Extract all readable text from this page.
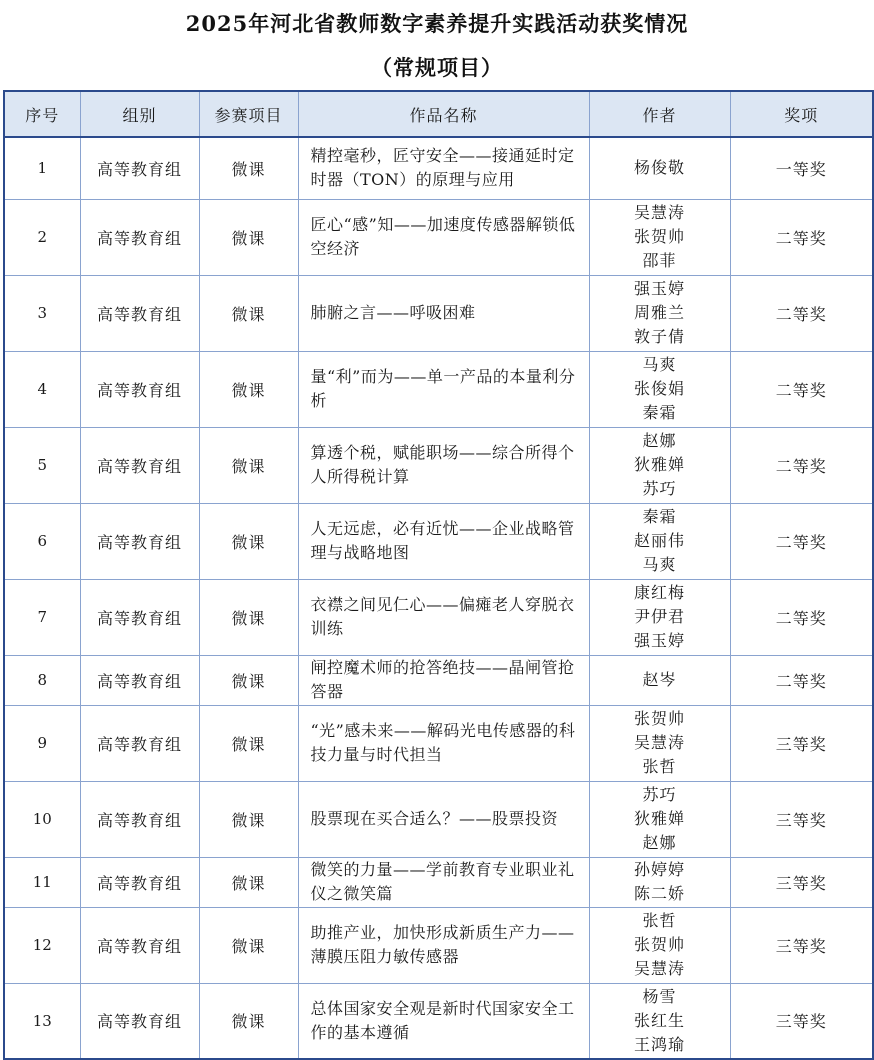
2025年河北省教师数字素养提升实践活动获奖情况
（常规项目）
序号	组别	参赛项目	作品名称	作者	奖项
1	高等教育组	微课	精控毫秒，匠守安全——接通延时定时器（TON）的原理与应用	杨俊敬	一等奖
2	高等教育组	微课	匠心“感”知——加速度传感器解锁低空经济	吴慧涛
张贺帅
邵菲	二等奖
3	高等教育组	微课	肺腑之言——呼吸困难	强玉婷
周雅兰
敦子倩	二等奖
4	高等教育组	微课	量“利”而为——单一产品的本量利分析	马爽
张俊娟
秦霜	二等奖
5	高等教育组	微课	算透个税，赋能职场——综合所得个人所得税计算	赵娜
狄雅婵
苏巧	二等奖
6	高等教育组	微课	人无远虑，必有近忧——企业战略管理与战略地图	秦霜
赵丽伟
马爽	二等奖
7	高等教育组	微课	衣襟之间见仁心——偏瘫老人穿脱衣训练	康红梅
尹伊君
强玉婷	二等奖
8	高等教育组	微课	闸控魔术师的抢答绝技——晶闸管抢答器	赵岑	二等奖
9	高等教育组	微课	“光”感未来——解码光电传感器的科技力量与时代担当	张贺帅
吴慧涛
张哲	三等奖
10	高等教育组	微课	股票现在买合适么？——股票投资	苏巧
狄雅婵
赵娜	三等奖
11	高等教育组	微课	微笑的力量——学前教育专业职业礼仪之微笑篇	孙婷婷
陈二娇	三等奖
12	高等教育组	微课	助推产业，加快形成新质生产力——薄膜压阻力敏传感器	张哲
张贺帅
吴慧涛	三等奖
13	高等教育组	微课	总体国家安全观是新时代国家安全工作的基本遵循	杨雪
张红生
王鸿瑜	三等奖
